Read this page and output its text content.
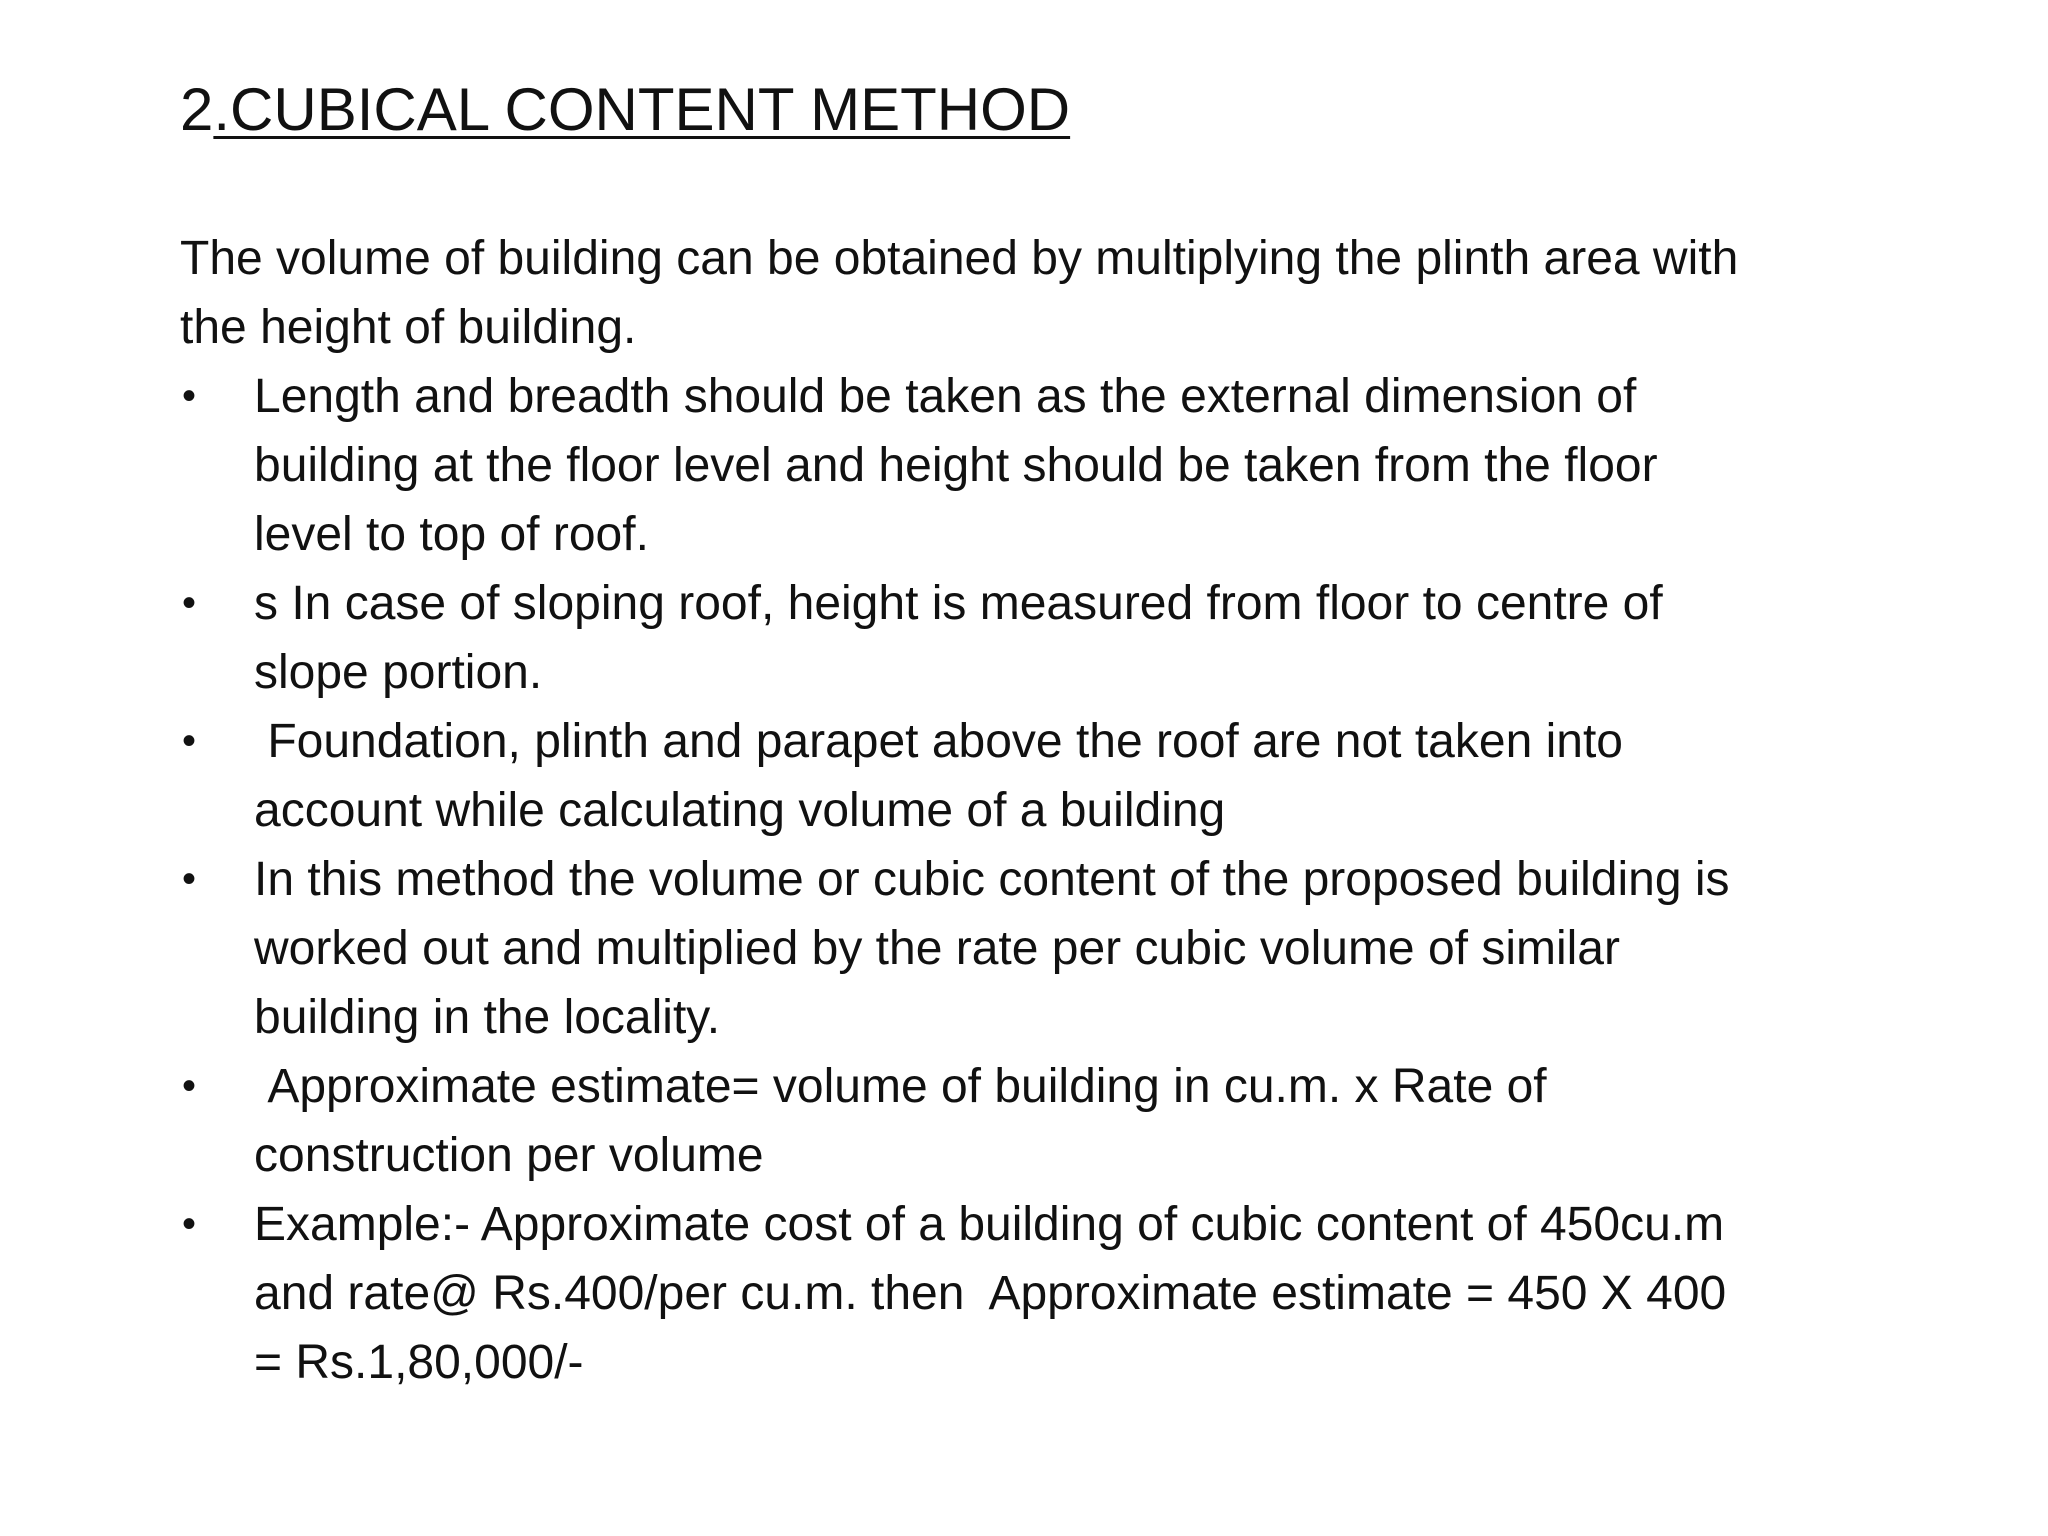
2.CUBICAL CONTENT METHOD

The volume of building can be obtained by multiplying the plinth area with the height of building.

• Length and breadth should be taken as the external dimension of building at the floor level and height should be taken from the floor level to top of roof.
• s In case of sloping roof, height is measured from floor to centre of slope portion.
• Foundation, plinth and parapet above the roof are not taken into account while calculating volume of a building
• In this method the volume or cubic content of the proposed building is worked out and multiplied by the rate per cubic volume of similar building in the locality.
• Approximate estimate= volume of building in cu.m. x Rate of construction per volume
• Example:- Approximate cost of a building of cubic content of 450cu.m and rate@ Rs.400/per cu.m. then  Approximate estimate = 450 X 400 = Rs.1,80,000/-
